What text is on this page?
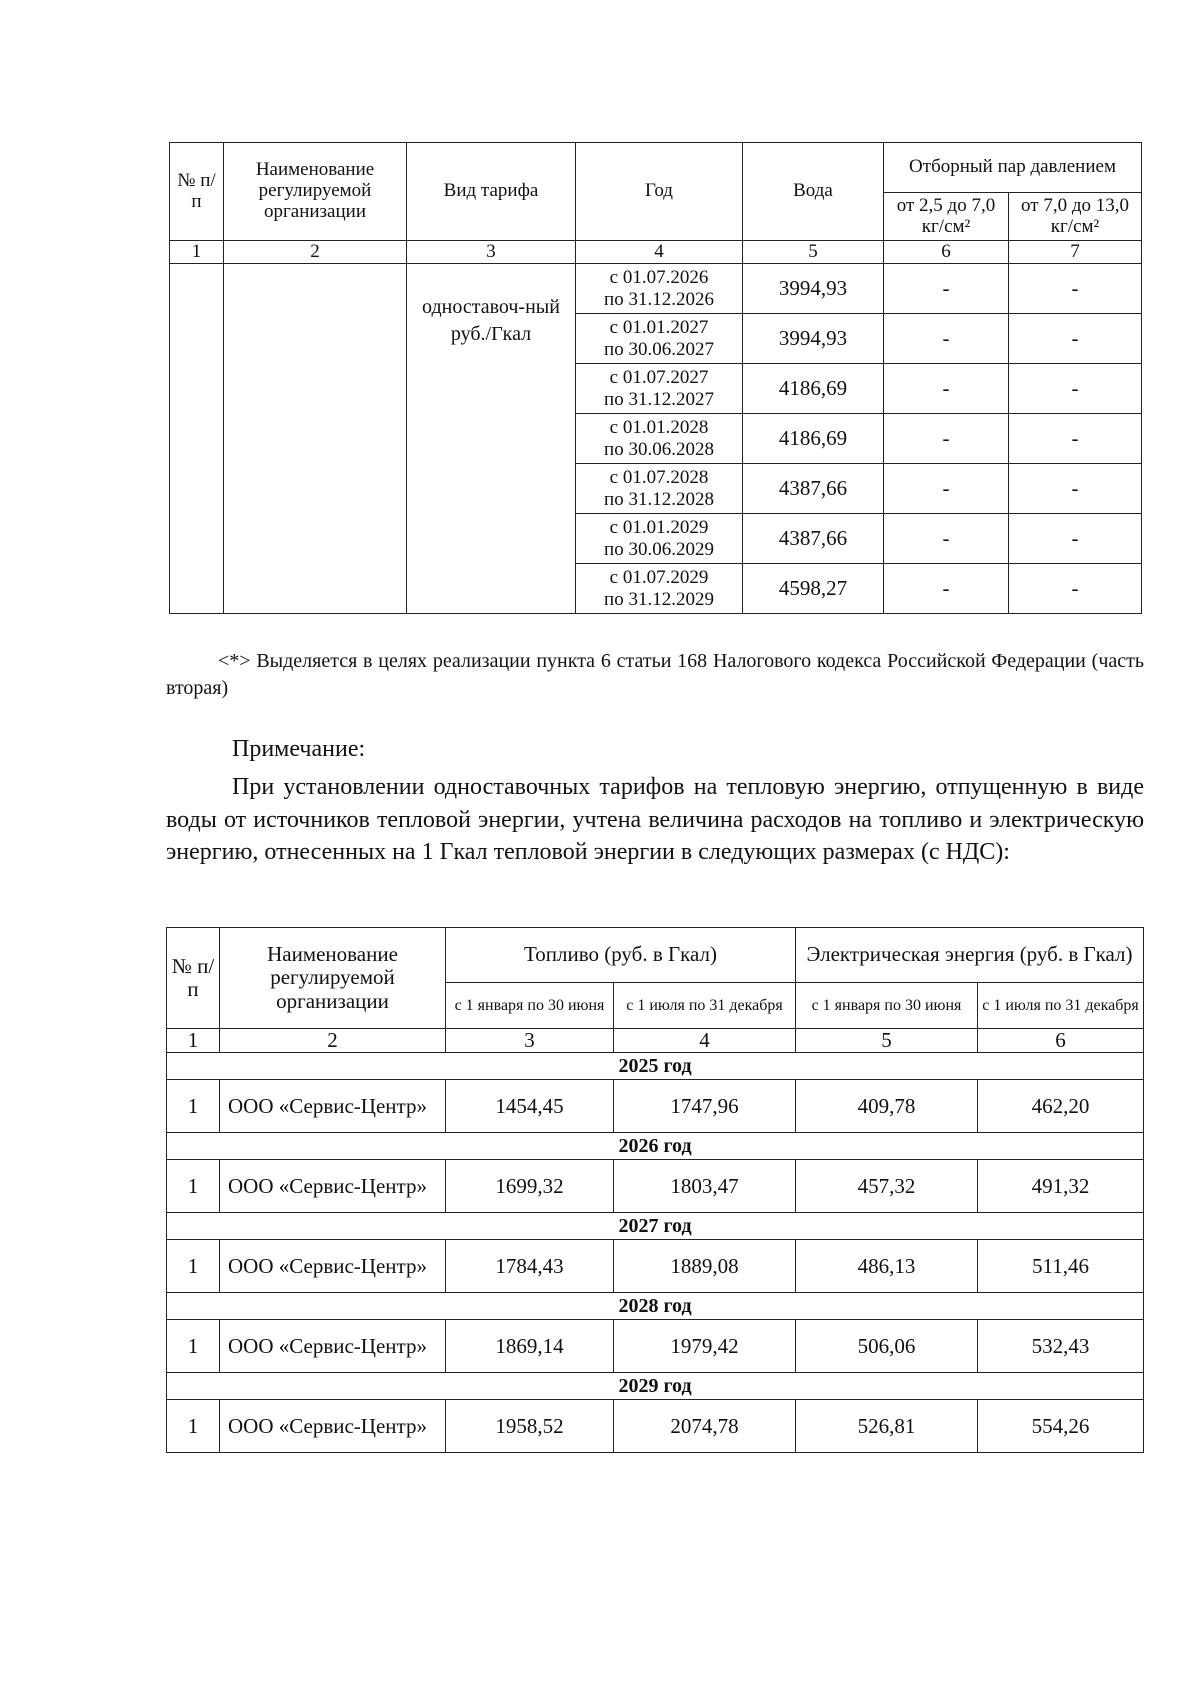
№ п/п	Наименование регулируемой организации	Вид тарифа	Год	Вода	Отборный пар давлением	
					от 2,5 до 7,0 кг/см²	от 7,0 до 13,0 кг/см²
1	2	3	4	5	6	7
		одноставоч-ный руб./Гкал	с 01.07.2026
по 31.12.2026	3994,93	-	-
			с 01.01.2027
по 30.06.2027	3994,93	-	-
			с 01.07.2027
по 31.12.2027	4186,69	-	-
			с 01.01.2028
по 30.06.2028	4186,69	-	-
			с 01.07.2028
по 31.12.2028	4387,66	-	-
			с 01.01.2029
по 30.06.2029	4387,66	-	-
			с 01.07.2029
по 31.12.2029	4598,27	-	-
<*> Выделяется в целях реализации пункта 6 статьи 168 Налогового кодекса Российской Федерации (часть вторая)
Примечание:
При установлении одноставочных тарифов на тепловую энергию, отпущенную в виде воды от источников тепловой энергии, учтена величина расходов на топливо и электрическую энергию, отнесенных на 1 Гкал тепловой энергии в следующих размерах (с НДС):
№ п/п	Наименование регулируемой организации	Топливо (руб. в Гкал)		Электрическая энергия (руб. в Гкал)	
		с 1 января по 30 июня	с 1 июля по 31 декабря	с 1 января по 30 июня	с 1 июля по 31 декабря
1	2	3	4	5	6
2025 год					
1	ООО «Сервис-Центр»	1454,45	1747,96	409,78	462,20
2026 год					
1	ООО «Сервис-Центр»	1699,32	1803,47	457,32	491,32
2027 год					
1	ООО «Сервис-Центр»	1784,43	1889,08	486,13	511,46
2028 год					
1	ООО «Сервис-Центр»	1869,14	1979,42	506,06	532,43
2029 год					
1	ООО «Сервис-Центр»	1958,52	2074,78	526,81	554,26
